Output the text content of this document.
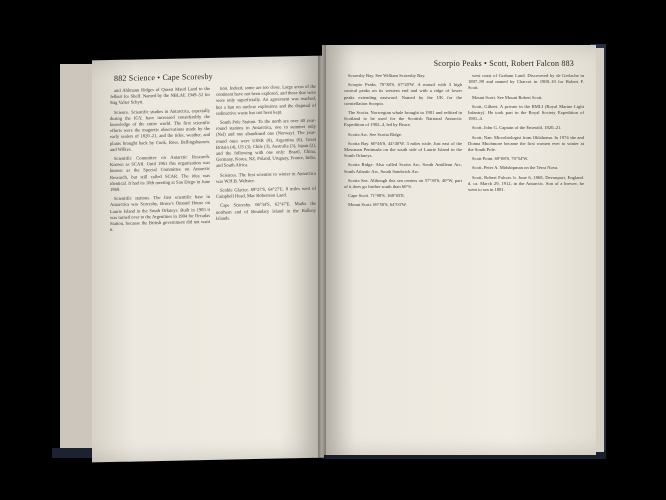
882 Science • Cape Scoresby

and Ahlmann Ridges of Queen Maud Land to the Jelbart Ice Shelf. Named by the NBLAE 1949–52 for Stig Valter Schytt.

Science. Scientific studies in Antarctica, especially during the IGY, have increased considerably the knowledge of the entire world. The first scientific efforts were the magnetic observations made by the early sealers of 1820–21, and the tides, weather, and plants brought back by Cook, Ross, Bellingshausen, and Wilkes.

Scientific Committee on Antarctic Research. Known as SCAR. Until 1961 this organization was known as the Special Committee on Antarctic Research, but still called SCAR. The idea was identical. It had its 10th meeting at San Diego in June 1968.

Scientific stations. The first scientific base in Antarctica was Scoresby, Bruce's Omond House on Laurie Island in the South Orkneys. Built in 1903 it was turned over to the Argentines in 1904 for Orcadas Station, because the British government did not want it.

tion. Indeed, some are too close. Large areas of the continent have not been explored, and those that were were only superficially. An agreement was reached, but a ban on nuclear explosions and the disposal of radioactive waste has not been kept.

South Pole Station. To the north are over 40 year-round stations in Antarctica, one in summer only (Nel) and one abandoned one (Norway). The year-round ones were USSR (8), Argentina (6), Great Britain (4), US (3), Chile (3), Australia (3), Japan (2), and the following with one only: Brazil, China, Germany, Korea, NZ, Poland, Uruguay, France, India, and South Africa.

Sciences. The first scientist to winter in Antarctica was W.H.B. Webster.

Scoble Glacier. 69°27'S, 64°27'E. 8 miles west of Campbell Head, Mac Robertson Land.

Cape Scoresby. 66°34'S, 62°47'E. Marks the northern end of Boundary Island in the Balleny Islands.

Scorpio Peaks • Scott, Robert Falcon 883

Scoresby Bay. See William Scoresby Bay.

Scorpio Peaks. 70°38'S, 67°20'W. A massif with 3 high conical peaks on its western end and with a ridge of lower peaks extending eastward. Named by the UK for the constellation Scorpio.

The Scotia. Norwegian whale brought in 1901 and refitted in Scotland to be used for the Scottish National Antarctic Expedition of 1902–4, led by Bruce.

Scotia Arc. See Scotia Ridge.

Scotia Bay. 60°46'S, 44°40'W. 3 miles wide. Just east of the Mossman Peninsula on the south side of Laurie Island in the South Orkneys.

Scotia Ridge. Also called Scotia Arc, South Antillean Arc, South Atlantic Arc, South Sandwich Arc.

Scotia Sea. Although this sea centers on 57°30'S, 40°W, part of it does go further south than 60°S.

Cape Scott. 71°08'S, 168°03'E.

Mount Scott. 69°50'S, 64°03'W.

west coast of Graham Land. Discovered by de Gerlache in 1897–99 and named by Charcot in 1908–10 for Robert F. Scott.

Mount Scott. See Mount Robert Scott.

Scott, Gilbert. A private in the RMLI (Royal Marine Light Infantry). He took part in the Royal Society Expedition of 1901–4.

Scott, John G. Captain of the Emerald, 1820–21.

Scott, Nan. Microbiologist from Oklahoma. In 1974 she and Donna Muchmore became the first women ever to winter at the South Pole.

Scott Point. 69°08'S, 70°54'W.

Scott, Peter A. Midshipman on the Terra Nova.

Scott, Robert Falcon. b. June 6, 1868, Devonport, England. d. ca. March 29, 1912, in the Antarctic. Son of a brewer, he went to sea in 1881.
